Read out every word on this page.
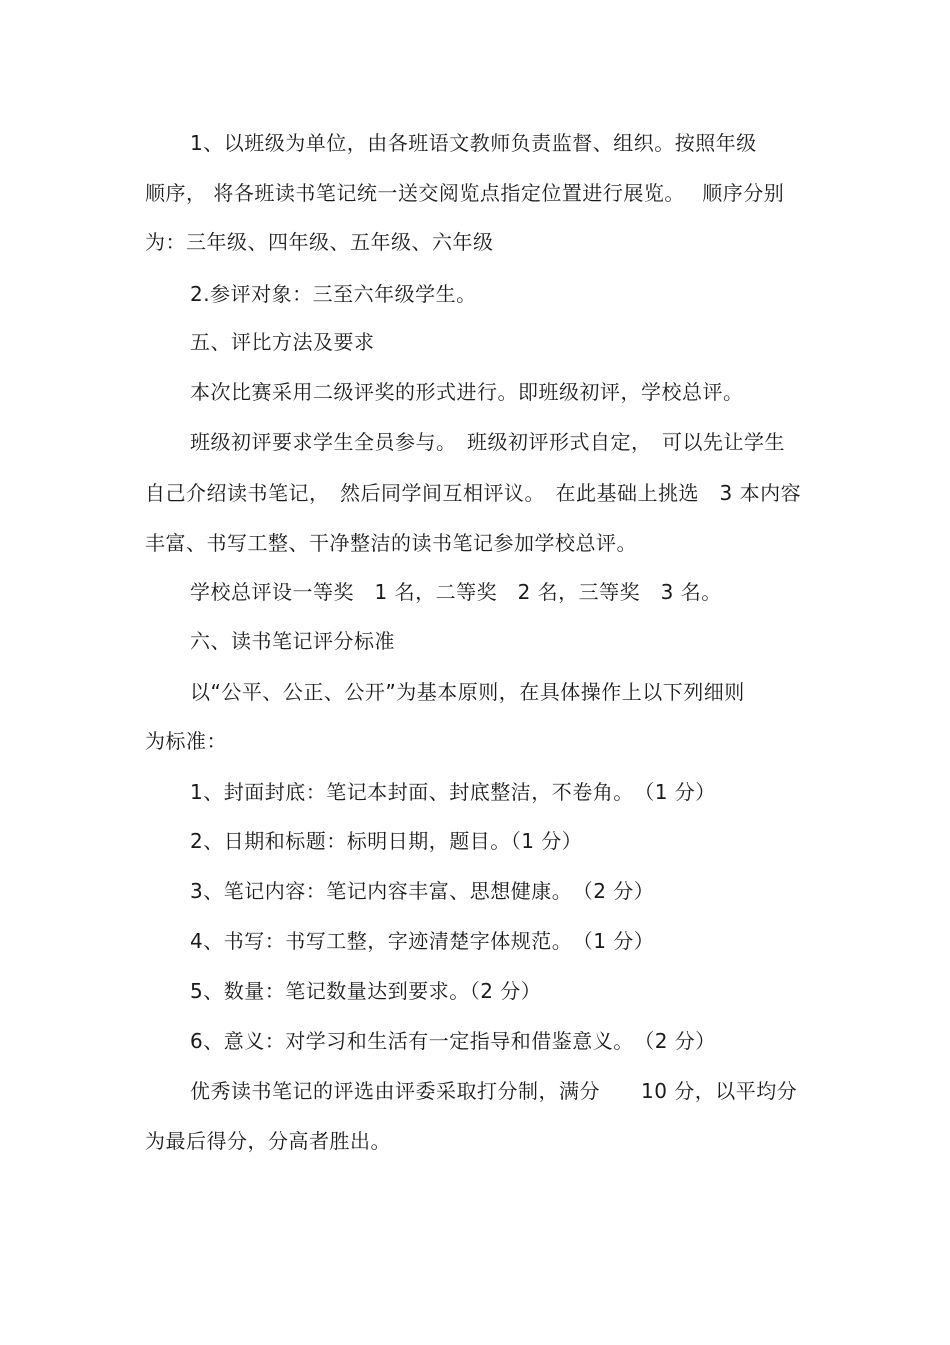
1、以班级为单位，由各班语文教师负责监督、组织。按照年级
顺序， 将各班读书笔记统一送交阅览点指定位置进行展览。　 顺序分别
为：三年级、四年级、五年级、六年级
2.参评对象：三至六年级学生。
五、评比方法及要求
本次比赛采用二级评奖的形式进行。即班级初评，学校总评。
班级初评要求学生全员参与。　班级初评形式自定，　可以先让学生
自己介绍读书笔记，　然后同学间互相评议。　在此基础上挑选　3 本内容
丰富、书写工整、干净整洁的读书笔记参加学校总评。
学校总评设一等奖　1 名，二等奖　2 名，三等奖　3 名。
六、读书笔记评分标准
以“公平、公正、公开”为基本原则，在具体操作上以下列细则
为标准：
1、封面封底：笔记本封面、封底整洁，不卷角。　（1 分）
2、日期和标题：标明日期，题目。（1 分）
3、笔记内容：笔记内容丰富、思想健康。　（2 分）
4、书写：书写工整，字迹清楚字体规范。　（1 分）
5、数量：笔记数量达到要求。（2 分）
6、意义：对学习和生活有一定指导和借鉴意义。　（2 分）
优秀读书笔记的评选由评委采取打分制，满分　　10 分，以平均分
为最后得分，分高者胜出。
